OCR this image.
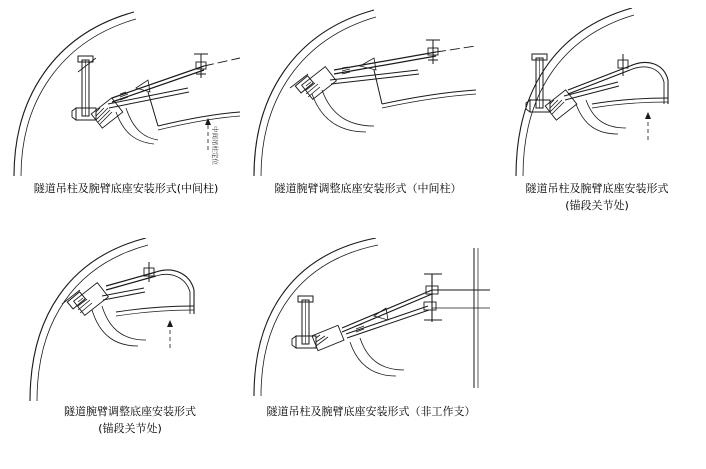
中间吊柱定位
隧道吊柱及腕臂底座安装形式(中间柱)	隧道腕臂调整底座安装形式（中间柱）	隧道吊柱及腕臂底座安装形式
(锚段关节处)
隧道腕臂调整底座安装形式
(锚段关节处)
隧道吊柱及腕臂底座安装形式（非工作支）
